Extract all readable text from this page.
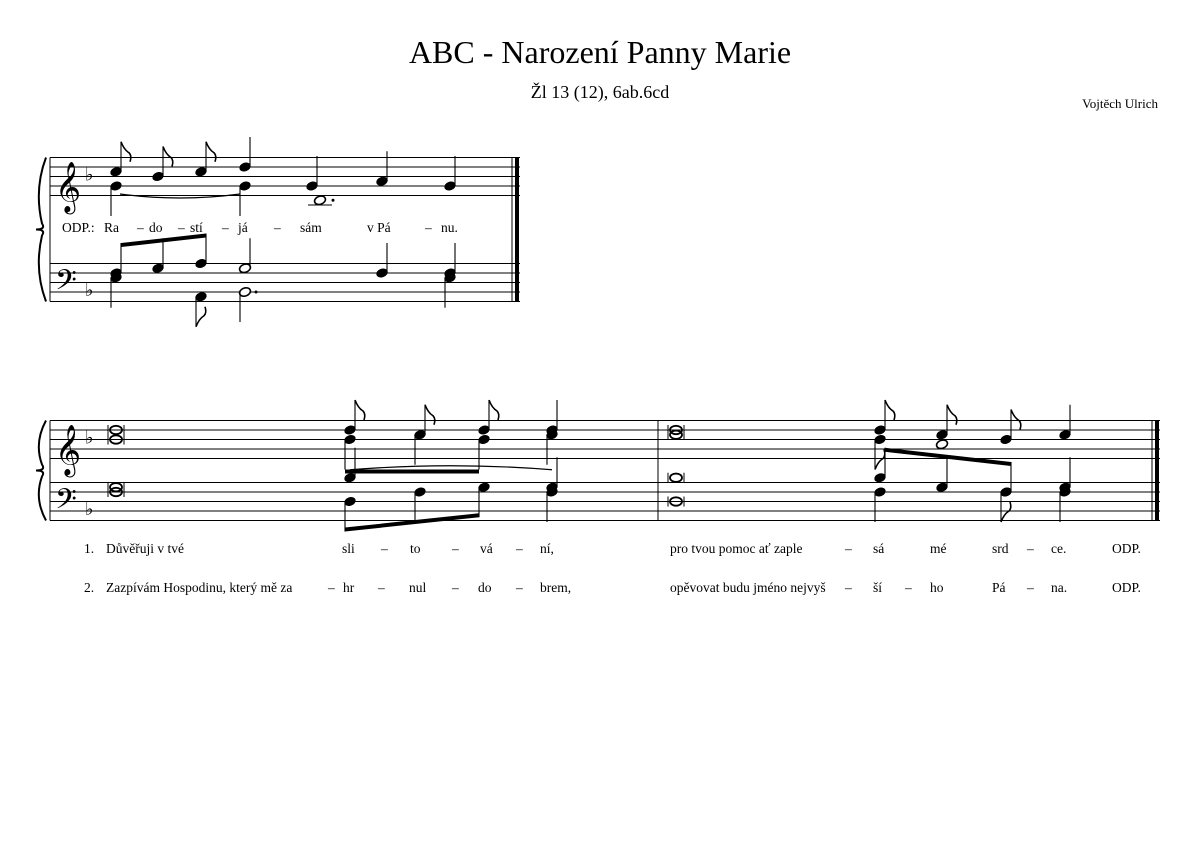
ABC - Narození Panny Marie
Žl 13 (12), 6ab.6cd
Vojtěch Ulrich
𝄞
𝄢
♭
♭
𝄞
𝄢
♭
♭
ODP.: Ra do stí	já	sám	v Pá	nu.
–	–	–	–	–
1. Důvěřuji v tvé	sli	to	vá	ní,	pro tvou pomoc ať zaple	sá	mé	srd	ce.	ODP.
–	–	–	–	–
2. Zazpívám Hospodinu, který mě za	hr	nul	do	brem,	opěvovat budu jméno nejvyš	ší	ho	Pá	na.	ODP.
–	–	–	–	–	–	–
